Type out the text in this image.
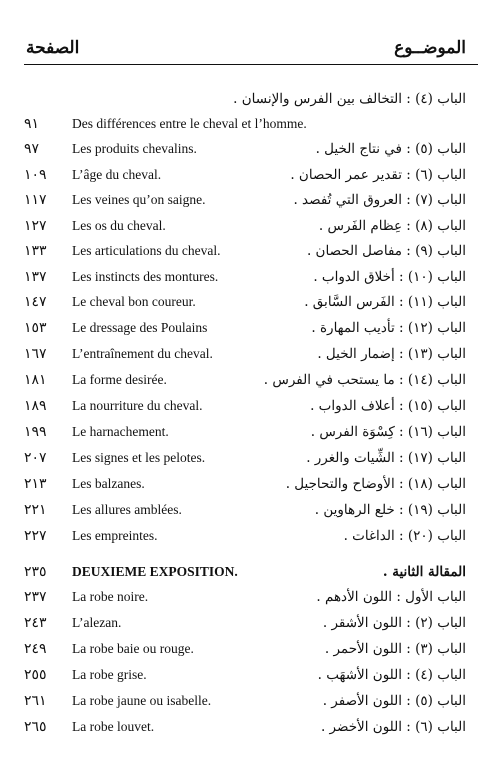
الموضــوع
الصفحة
الباب (٤) : التخالف بين الفرس والإنسان .
٩١	Des différences entre le cheval et l’homme.
٩٧	Les produits chevalins.	الباب (٥) : في نتاج الخيل .
١٠٩	L’âge du cheval.	الباب (٦) : تقدير عمر الحصان .
١١٧	Les veines qu’on saigne.	الباب (٧) : العروق التي تُفصد .
١٢٧	Les os du cheval.	الباب (٨) : عِظام الفَرس .
١٣٣	Les articulations du cheval.	الباب (٩) : مفاصل الحصان .
١٣٧	Les instincts des montures.	الباب (١٠) : أخلاق الدواب .
١٤٧	Le cheval bon coureur.	الباب (١١) : الفَرس السَّابق .
١٥٣	Le dressage des Poulains	الباب (١٢) : تأديب المهارة .
١٦٧	L’entraînement du cheval.	الباب (١٣) : إضمار الخيل .
١٨١	La forme desirée.	الباب (١٤) : ما يستحب في الفرس .
١٨٩	La nourriture du cheval.	الباب (١٥) : أعلاف الدواب .
١٩٩	Le harnachement.	الباب (١٦) : كِسْوَة الفرس .
٢٠٧	Les signes et les pelotes.	الباب (١٧) : الشِّيات والغرر .
٢١٣	Les balzanes.	الباب (١٨) : الأوضاح والتحاجيل .
٢٢١	Les allures amblées.	الباب (١٩) : خلع الرهاوين .
٢٢٧	Les empreintes.	الباب (٢٠) : الداغات .
٢٣٥	DEUXIEME EXPOSITION.	المقالة الثانية .
٢٣٧	La robe noire.	الباب الأول : اللون الأدهم .
٢٤٣	L’alezan.	الباب (٢) : اللون الأشقر .
٢٤٩	La robe baie ou rouge.	الباب (٣) : اللون الأحمر .
٢٥٥	La robe grise.	الباب (٤) : اللون الأشهَب .
٢٦١	La robe jaune ou isabelle.	الباب (٥) : اللون الأصفر .
٢٦٥	La robe louvet.	الباب (٦) : اللون الأخضر .
